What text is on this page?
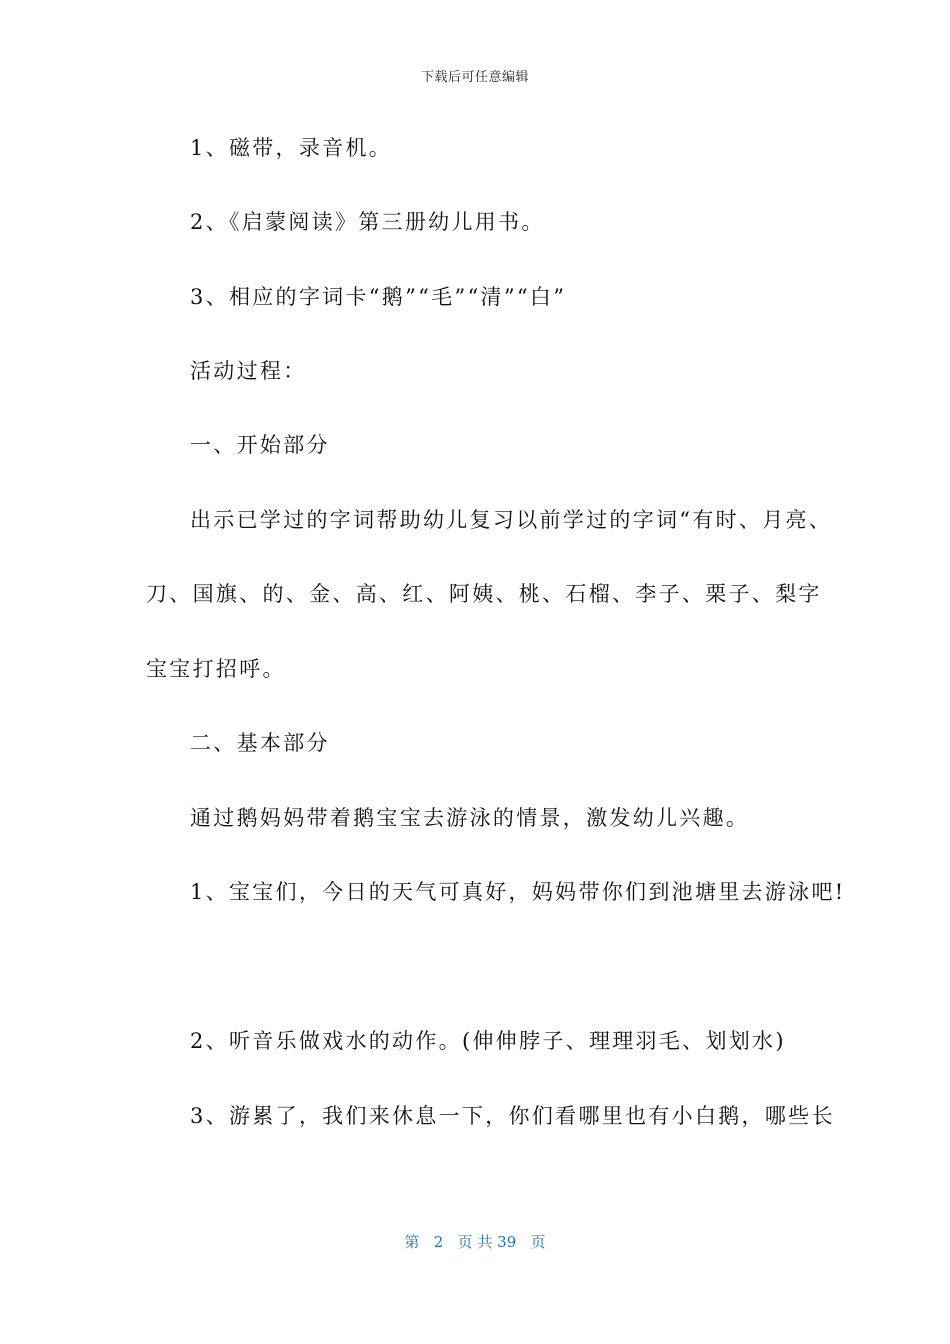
下载后可任意编辑
1、磁带，录音机。
2、《启蒙阅读》第三册幼儿用书。
3、相应的字词卡“鹅”“毛”“清”“白”
活动过程：
一、开始部分
出示已学过的字词帮助幼儿复习以前学过的字词“有时、月亮、
刀、国旗、的、金、高、红、阿姨、桃、石榴、李子、栗子、梨字
宝宝打招呼。
二、基本部分
通过鹅妈妈带着鹅宝宝去游泳的情景，激发幼儿兴趣。
1、宝宝们，今日的天气可真好，妈妈带你们到池塘里去游泳吧!
2、听音乐做戏水的动作。(伸伸脖子、理理羽毛、划划水)
3、游累了，我们来休息一下，你们看哪里也有小白鹅，哪些长
第 2 页 共 39 页
